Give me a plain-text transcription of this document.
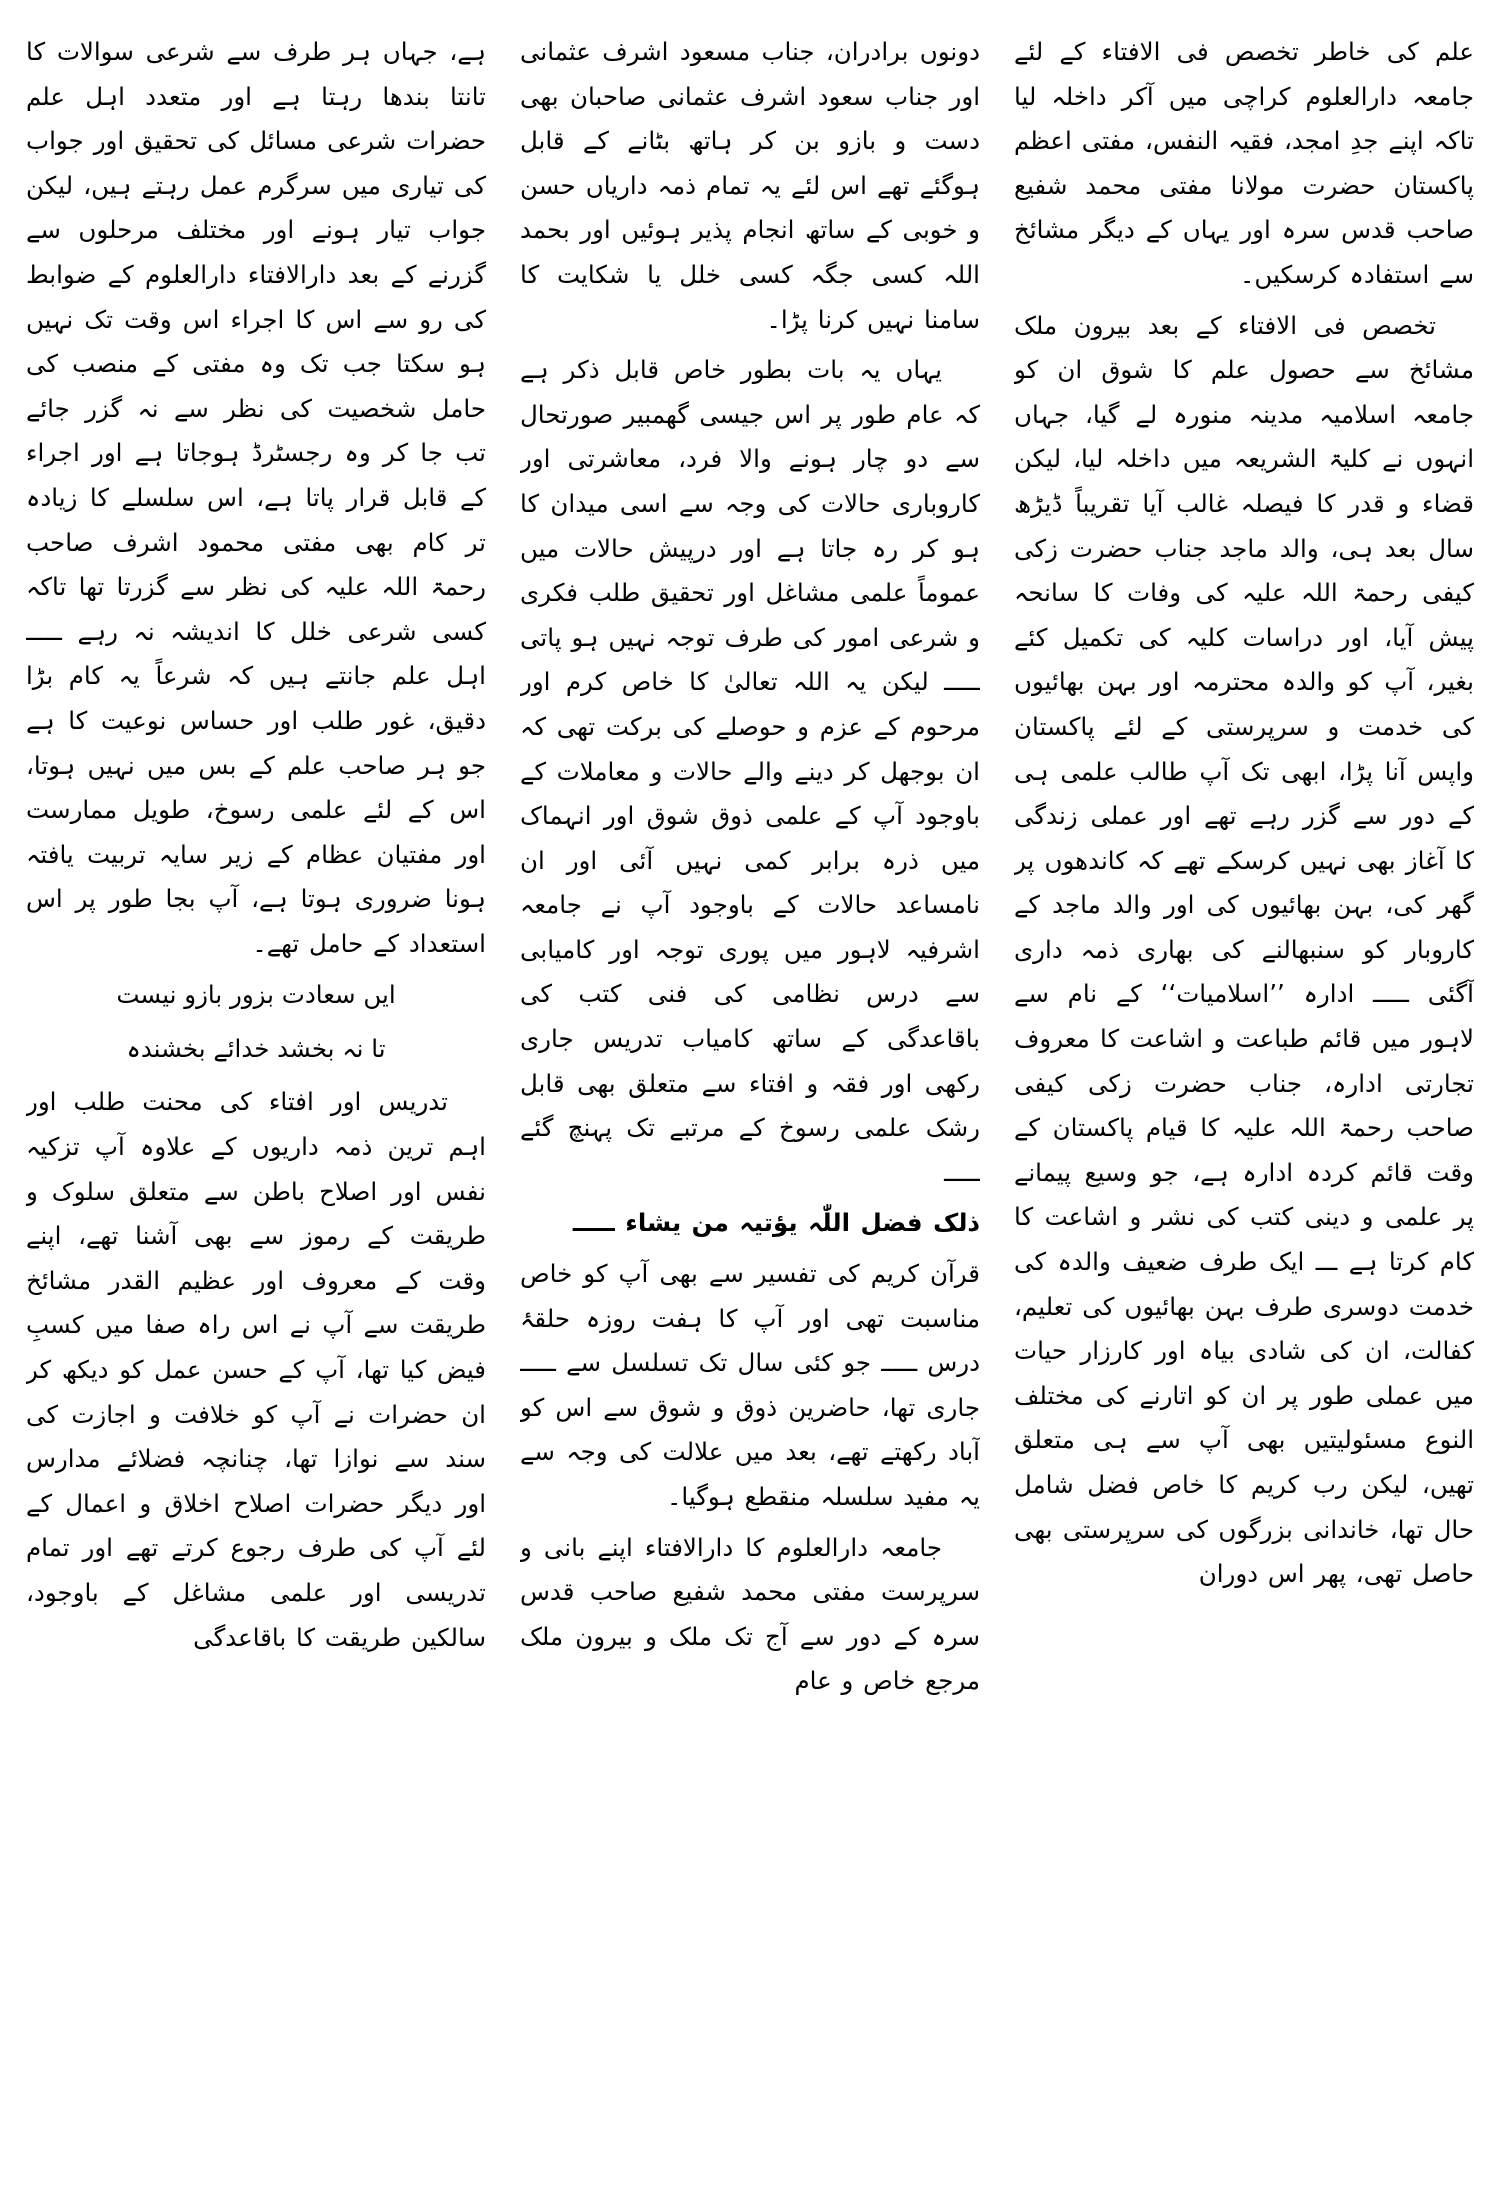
علم کی خاطر تخصص فی الافتاء کے لئے جامعہ دارالعلوم کراچی میں آکر داخلہ لیا تاکہ اپنے جدِ امجد، فقیہ النفس، مفتی اعظم پاکستان حضرت مولانا مفتی محمد شفیع صاحب قدس سرہ اور یہاں کے دیگر مشائخ سے استفادہ کرسکیں۔

تخصص فی الافتاء کے بعد بیرون ملک مشائخ سے حصول علم کا شوق ان کو جامعہ اسلامیہ مدینہ منورہ لے گیا، جہاں انہوں نے کلیۃ الشریعہ میں داخلہ لیا، لیکن قضاء و قدر کا فیصلہ غالب آیا تقریباً ڈیڑھ سال بعد ہی، والد ماجد جناب حضرت زکی کیفی رحمۃ اللہ علیہ کی وفات کا سانحہ پیش آیا، اور دراسات کلیہ کی تکمیل کئے بغیر، آپ کو والدہ محترمہ اور بہن بھائیوں کی خدمت و سرپرستی کے لئے پاکستان واپس آنا پڑا، ابھی تک آپ طالب علمی ہی کے دور سے گزر رہے تھے اور عملی زندگی کا آغاز بھی نہیں کرسکے تھے کہ کاندھوں پر گھر کی، بہن بھائیوں کی اور والد ماجد کے کاروبار کو سنبھالنے کی بھاری ذمہ داری آگئی ـــــ ادارہ ’’اسلامیات‘‘ کے نام سے لاہور میں قائم طباعت و اشاعت کا معروف تجارتی ادارہ، جناب حضرت زکی کیفی صاحب رحمۃ اللہ علیہ کا قیام پاکستان کے وقت قائم کردہ ادارہ ہے، جو وسیع پیمانے پر علمی و دینی کتب کی نشر و اشاعت کا کام کرتا ہے ـــ ایک طرف ضعیف والدہ کی خدمت دوسری طرف بہن بھائیوں کی تعلیم، کفالت، ان کی شادی بیاہ اور کارزار حیات میں عملی طور پر ان کو اتارنے کی مختلف النوع مسئولیتیں بھی آپ سے ہی متعلق تھیں، لیکن رب کریم کا خاص فضل شامل حال تھا، خاندانی بزرگوں کی سرپرستی بھی حاصل تھی، پھر اس دوران

دونوں برادران، جناب مسعود اشرف عثمانی اور جناب سعود اشرف عثمانی صاحبان بھی دست و بازو بن کر ہاتھ بٹانے کے قابل ہوگئے تھے اس لئے یہ تمام ذمہ داریاں حسن و خوبی کے ساتھ انجام پذیر ہوئیں اور بحمد اللہ کسی جگہ کسی خلل یا شکایت کا سامنا نہیں کرنا پڑا۔

یہاں یہ بات بطور خاص قابل ذکر ہے کہ عام طور پر اس جیسی گھمبیر صورتحال سے دو چار ہونے والا فرد، معاشرتی اور کاروباری حالات کی وجہ سے اسی میدان کا ہو کر رہ جاتا ہے اور درپیش حالات میں عموماً علمی مشاغل اور تحقیق طلب فکری و شرعی امور کی طرف توجہ نہیں ہو پاتی ـــــ لیکن یہ اللہ تعالیٰ کا خاص کرم اور مرحوم کے عزم و حوصلے کی برکت تھی کہ ان بوجھل کر دینے والے حالات و معاملات کے باوجود آپ کے علمی ذوق شوق اور انہماک میں ذرہ برابر کمی نہیں آئی اور ان نامساعد حالات کے باوجود آپ نے جامعہ اشرفیہ لاہور میں پوری توجہ اور کامیابی سے درس نظامی کی فنی کتب کی باقاعدگی کے ساتھ کامیاب تدریس جاری رکھی اور فقہ و افتاء سے متعلق بھی قابل رشک علمی رسوخ کے مرتبے تک پہنچ گئے ـــــ

ذلک فضل اللّٰہ یؤتیہ من یشاء ـــــ

قرآن کریم کی تفسیر سے بھی آپ کو خاص مناسبت تھی اور آپ کا ہفت روزہ حلقۂ درس ـــــ جو کئی سال تک تسلسل سے ـــــ جاری تھا، حاضرین ذوق و شوق سے اس کو آباد رکھتے تھے، بعد میں علالت کی وجہ سے یہ مفید سلسلہ منقطع ہوگیا۔

جامعہ دارالعلوم کا دارالافتاء اپنے بانی و سرپرست مفتی محمد شفیع صاحب قدس سرہ کے دور سے آج تک ملک و بیرون ملک مرجع خاص و عام

ہے، جہاں ہر طرف سے شرعی سوالات کا تانتا بندھا رہتا ہے اور متعدد اہل علم حضرات شرعی مسائل کی تحقیق اور جواب کی تیاری میں سرگرم عمل رہتے ہیں، لیکن جواب تیار ہونے اور مختلف مرحلوں سے گزرنے کے بعد دارالافتاء دارالعلوم کے ضوابط کی رو سے اس کا اجراء اس وقت تک نہیں ہو سکتا جب تک وہ مفتی کے منصب کی حامل شخصیت کی نظر سے نہ گزر جائے تب جا کر وہ رجسٹرڈ ہوجاتا ہے اور اجراء کے قابل قرار پاتا ہے، اس سلسلے کا زیادہ تر کام بھی مفتی محمود اشرف صاحب رحمۃ اللہ علیہ کی نظر سے گزرتا تھا تاکہ کسی شرعی خلل کا اندیشہ نہ رہے ـــــ اہل علم جانتے ہیں کہ شرعاً یہ کام بڑا دقیق، غور طلب اور حساس نوعیت کا ہے جو ہر صاحب علم کے بس میں نہیں ہوتا، اس کے لئے علمی رسوخ، طویل ممارست اور مفتیان عظام کے زیر سایہ تربیت یافتہ ہونا ضروری ہوتا ہے، آپ بجا طور پر اس استعداد کے حامل تھے۔

ایں سعادت بزور بازو نیست
تا نہ بخشد خدائے بخشندہ

تدریس اور افتاء کی محنت طلب اور اہم ترین ذمہ داریوں کے علاوہ آپ تزکیہ نفس اور اصلاح باطن سے متعلق سلوک و طریقت کے رموز سے بھی آشنا تھے، اپنے وقت کے معروف اور عظیم القدر مشائخ طریقت سے آپ نے اس راہ صفا میں کسبِ فیض کیا تھا، آپ کے حسن عمل کو دیکھ کر ان حضرات نے آپ کو خلافت و اجازت کی سند سے نوازا تھا، چنانچہ فضلائے مدارس اور دیگر حضرات اصلاح اخلاق و اعمال کے لئے آپ کی طرف رجوع کرتے تھے اور تمام تدریسی اور علمی مشاغل کے باوجود، سالکین طریقت کا باقاعدگی
